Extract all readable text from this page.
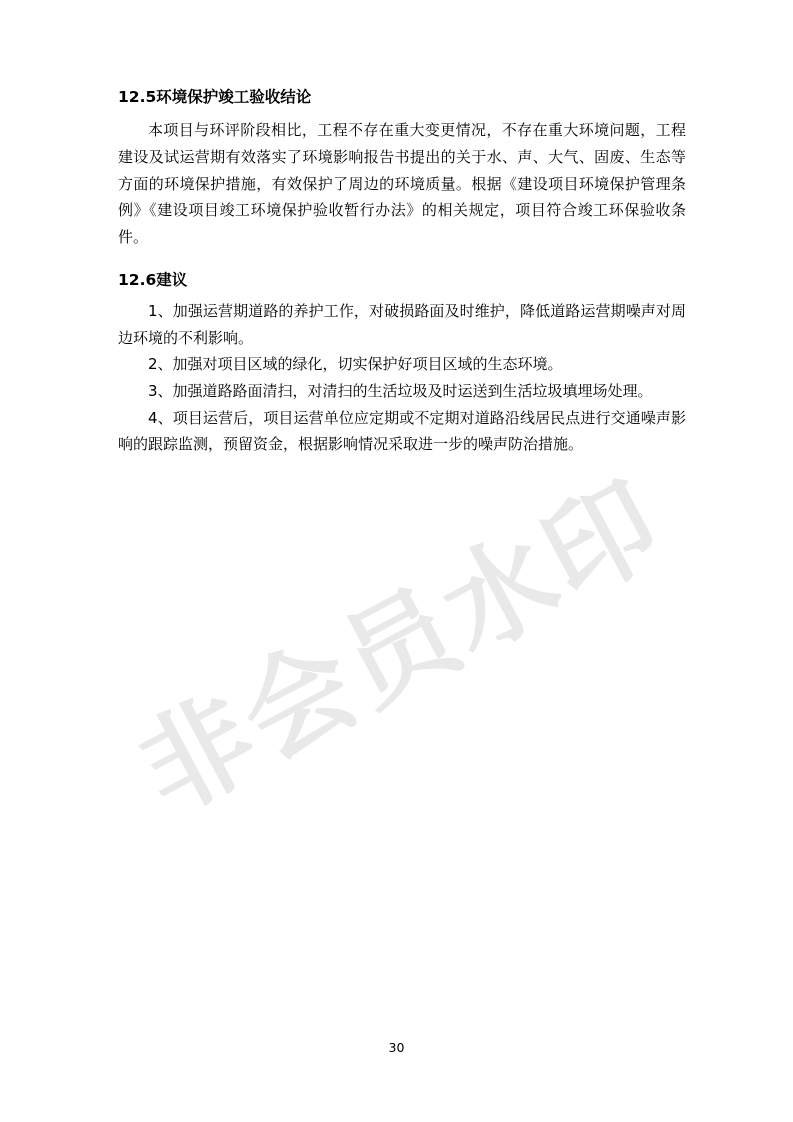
非会员水印
12.5环境保护竣工验收结论

本项目与环评阶段相比，工程不存在重大变更情况，不存在重大环境问题，工程建设及试运营期有效落实了环境影响报告书提出的关于水、声、大气、固废、生态等方面的环境保护措施，有效保护了周边的环境质量。根据《建设项目环境保护管理条例》《建设项目竣工环境保护验收暂行办法》的相关规定，项目符合竣工环保验收条件。

12.6建议

1、加强运营期道路的养护工作，对破损路面及时维护，降低道路运营期噪声对周边环境的不利影响。

2、加强对项目区域的绿化，切实保护好项目区域的生态环境。

3、加强道路路面清扫，对清扫的生活垃圾及时运送到生活垃圾填埋场处理。

4、项目运营后，项目运营单位应定期或不定期对道路沿线居民点进行交通噪声影响的跟踪监测，预留资金，根据影响情况采取进一步的噪声防治措施。

30
